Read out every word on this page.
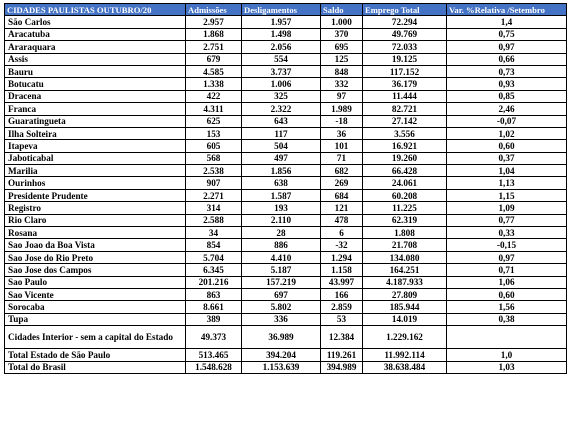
CIDADES PAULISTAS OUTUBRO/20	Admissões	Desligamentos	Saldo	Emprego Total	Var. %Relativa /Setembro
São Carlos	2.957	1.957	1.000	72.294	1,4
Aracatuba	1.868	1.498	370	49.769	0,75
Araraquara	2.751	2.056	695	72.033	0,97
Assis	679	554	125	19.125	0,66
Bauru	4.585	3.737	848	117.152	0,73
Botucatu	1.338	1.006	332	36.179	0,93
Dracena	422	325	97	11.444	0,85
Franca	4.311	2.322	1.989	82.721	2,46
Guaratingueta	625	643	-18	27.142	-0,07
Ilha Solteira	153	117	36	3.556	1,02
Itapeva	605	504	101	16.921	0,60
Jaboticabal	568	497	71	19.260	0,37
Marilia	2.538	1.856	682	66.428	1,04
Ourinhos	907	638	269	24.061	1,13
Presidente Prudente	2.271	1.587	684	60.208	1,15
Registro	314	193	121	11.225	1,09
Rio Claro	2.588	2.110	478	62.319	0,77
Rosana	34	28	6	1.808	0,33
Sao Joao da Boa Vista	854	886	-32	21.708	-0,15
Sao Jose do Rio Preto	5.704	4.410	1.294	134.080	0,97
Sao Jose dos Campos	6.345	5.187	1.158	164.251	0,71
Sao Paulo	201.216	157.219	43.997	4.187.933	1,06
Sao Vicente	863	697	166	27.809	0,60
Sorocaba	8.661	5.802	2.859	185.944	1,56
Tupa	389	336	53	14.019	0,38
Cidades Interior - sem a capital do Estado	49.373	36.989	12.384	1.229.162	
Total Estado de São Paulo	513.465	394.204	119.261	11.992.114	1,0
Total do Brasil	1.548.628	1.153.639	394.989	38.638.484	1,03
